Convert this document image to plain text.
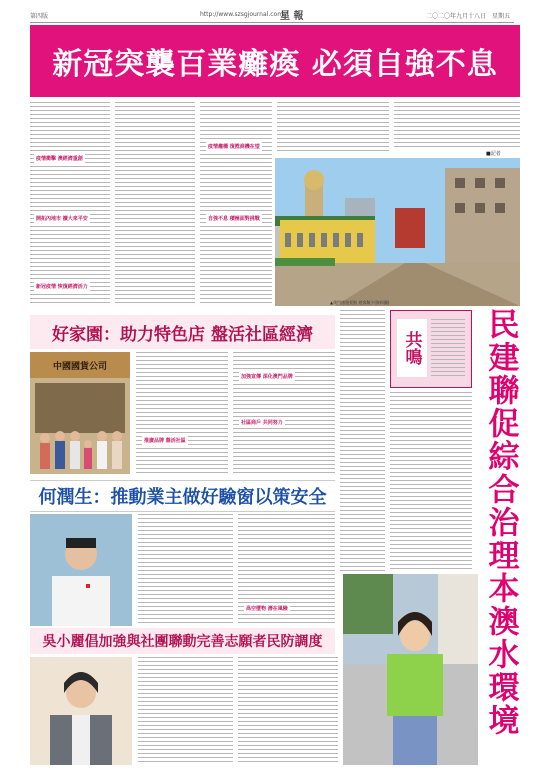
第四版	http://www.szsgjournal.com
星 報	二〇二〇年九月十八日 星期五
新冠突襲百業癱瘓 必須自強不息
疫情衝擊 澳經濟重創
開拓內地市 擴大來平安
新冠疫情 恢復經濟活力
疫情趨穩 復甦商機在望
自強不息 積極面對挑戰
■記者
▲澳門旅遊景點 遊客稀少(資料圖)
好家園：助力特色店 盤活社區經濟
中國國貨公司
推廣品牌 盤活社區
加強宣傳 深化澳門品牌
社區商戶 共同努力
何潤生：推動業主做好驗窗以策安全
高空墮物 潛在風險
吳小麗倡加強與社團聯動完善志願者民防調度
共鳴 民建聯促綜合治理本澳水環境
